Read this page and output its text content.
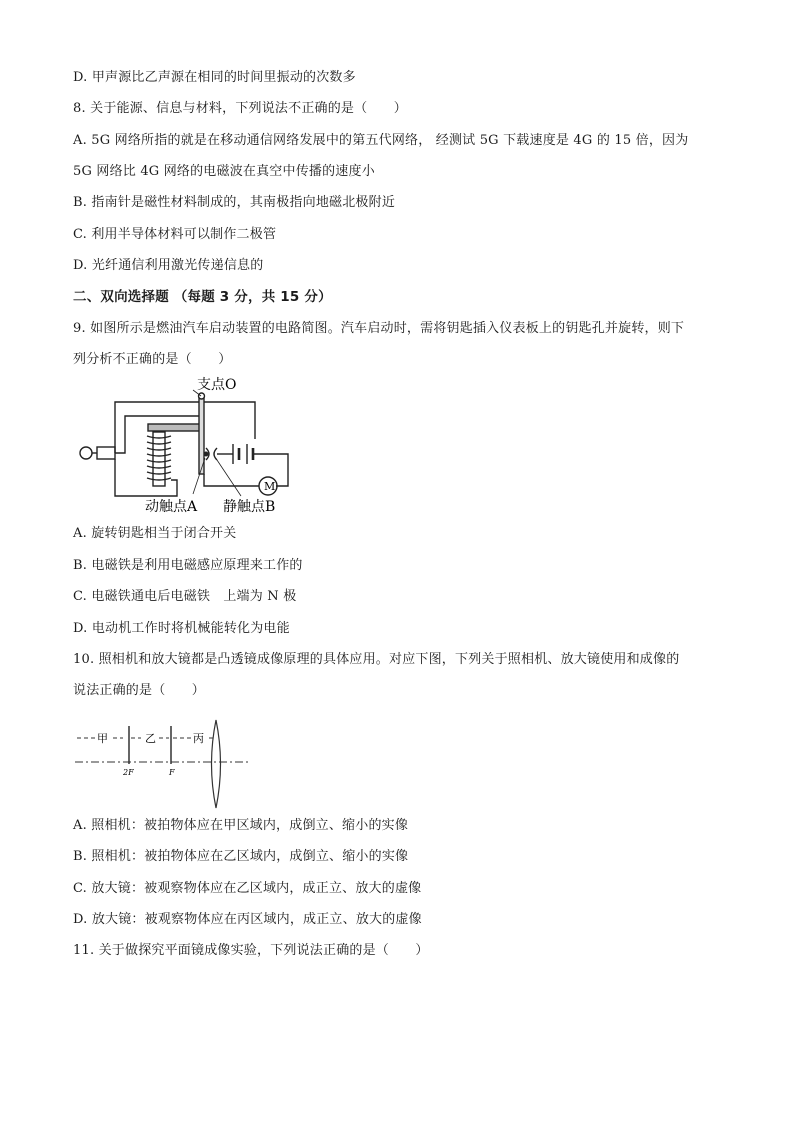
D. 甲声源比乙声源在相同的时间里振动的次数多
8. 关于能源、信息与材料，下列说法不正确的是（　　）
A. 5G 网络所指的就是在移动通信网络发展中的第五代网络， 经测试 5G 下载速度是 4G 的 15 倍，因为
5G 网络比 4G 网络的电磁波在真空中传播的速度小
B. 指南针是磁性材料制成的，其南极指向地磁北极附近
C. 利用半导体材料可以制作二极管
D. 光纤通信利用激光传递信息的
二、双向选择题 （每题 3 分，共 15 分）
9. 如图所示是燃油汽车启动装置的电路简图。汽车启动时，需将钥匙插入仪表板上的钥匙孔并旋转，则下
列分析不正确的是（　　）
支点O
M
动触点A 静触点B
A. 旋转钥匙相当于闭合开关
B. 电磁铁是利用电磁感应原理来工作的
C. 电磁铁通电后电磁铁　上端为 N 极
D. 电动机工作时将机械能转化为电能
10. 照相机和放大镜都是凸透镜成像原理的具体应用。对应下图，下列关于照相机、放大镜使用和成像的
说法正确的是（　　）
甲	乙	丙
2F	F
A. 照相机：被拍物体应在甲区域内，成倒立、缩小的实像
B. 照相机：被拍物体应在乙区域内，成倒立、缩小的实像
C. 放大镜：被观察物体应在乙区域内，成正立、放大的虚像
D. 放大镜：被观察物体应在丙区域内，成正立、放大的虚像
11. 关于做探究平面镜成像实验，下列说法正确的是（　　）
